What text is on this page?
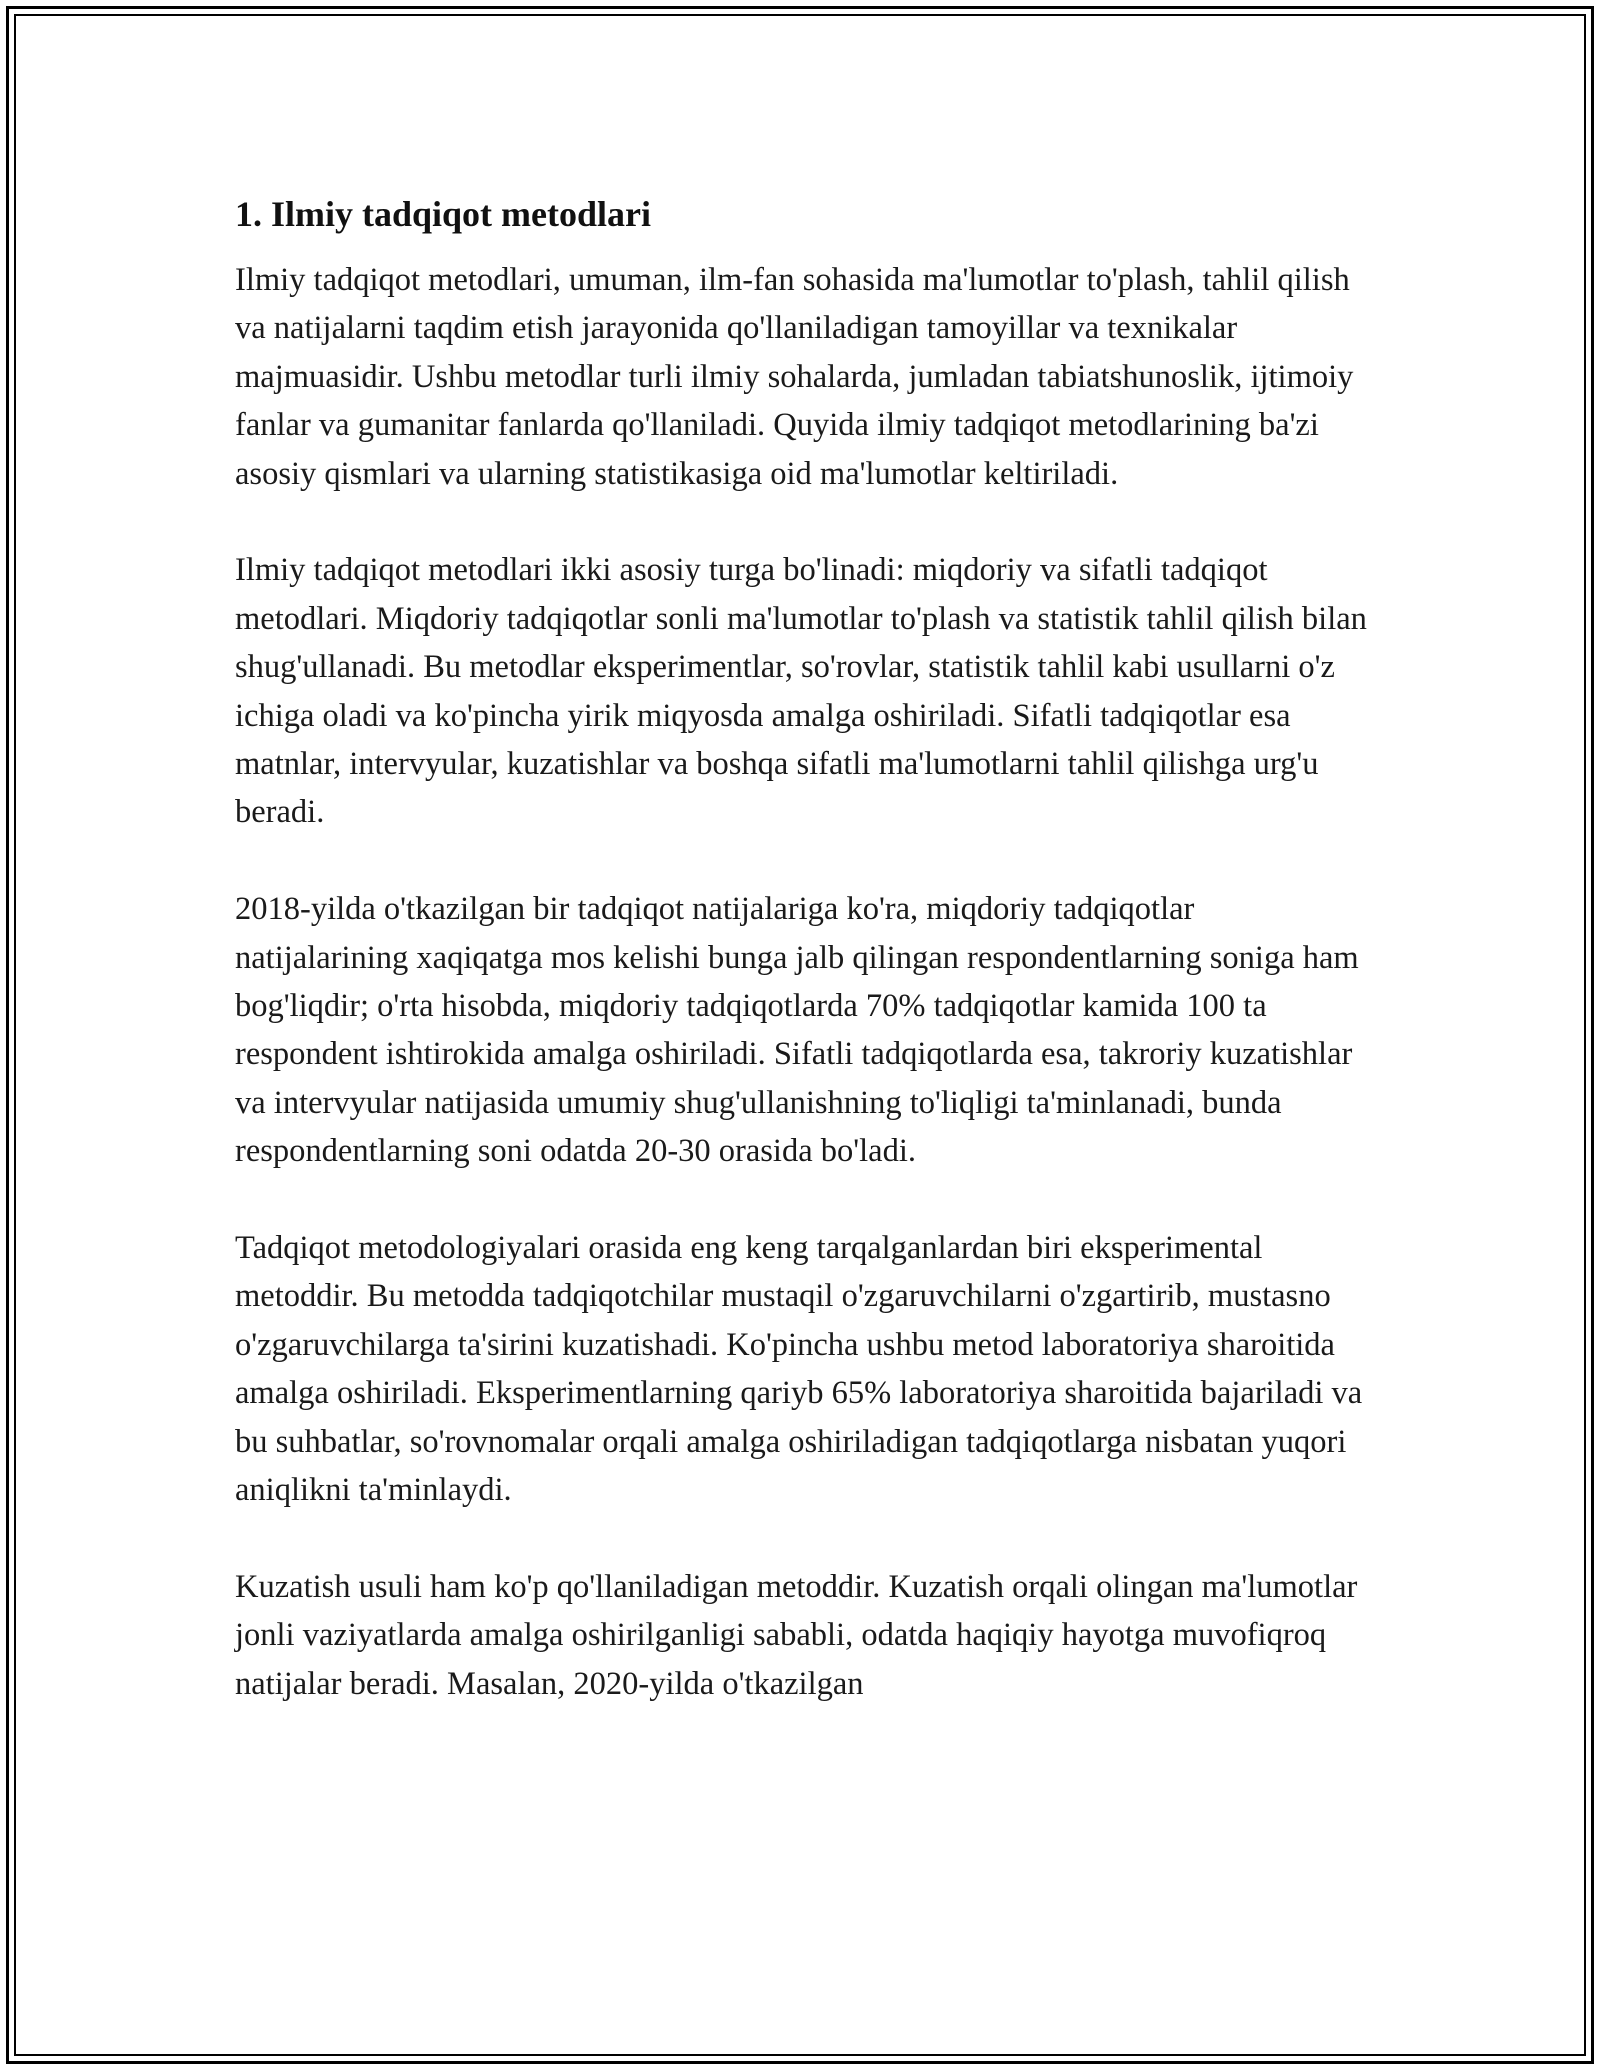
1. Ilmiy tadqiqot metodlari

Ilmiy tadqiqot metodlari, umuman, ilm-fan sohasida ma'lumotlar to'plash, tahlil qilish va natijalarni taqdim etish jarayonida qo'llaniladigan tamoyillar va texnikalar majmuasidir. Ushbu metodlar turli ilmiy sohalarda, jumladan tabiatshunoslik, ijtimoiy fanlar va gumanitar fanlarda qo'llaniladi. Quyida ilmiy tadqiqot metodlarining ba'zi asosiy qismlari va ularning statistikasiga oid ma'lumotlar keltiriladi.

Ilmiy tadqiqot metodlari ikki asosiy turga bo'linadi: miqdoriy va sifatli tadqiqot metodlari. Miqdoriy tadqiqotlar sonli ma'lumotlar to'plash va statistik tahlil qilish bilan shug'ullanadi. Bu metodlar eksperimentlar, so'rovlar, statistik tahlil kabi usullarni o'z ichiga oladi va ko'pincha yirik miqyosda amalga oshiriladi. Sifatli tadqiqotlar esa matnlar, intervyular, kuzatishlar va boshqa sifatli ma'lumotlarni tahlil qilishga urg'u beradi.

2018-yilda o'tkazilgan bir tadqiqot natijalariga ko'ra, miqdoriy tadqiqotlar natijalarining xaqiqatga mos kelishi bunga jalb qilingan respondentlarning soniga ham bog'liqdir; o'rta hisobda, miqdoriy tadqiqotlarda 70% tadqiqotlar kamida 100 ta respondent ishtirokida amalga oshiriladi. Sifatli tadqiqotlarda esa, takroriy kuzatishlar va intervyular natijasida umumiy shug'ullanishning to'liqligi ta'minlanadi, bunda respondentlarning soni odatda 20-30 orasida bo'ladi.

Tadqiqot metodologiyalari orasida eng keng tarqalganlardan biri eksperimental metoddir. Bu metodda tadqiqotchilar mustaqil o'zgaruvchilarni o'zgartirib, mustasno o'zgaruvchilarga ta'sirini kuzatishadi. Ko'pincha ushbu metod laboratoriya sharoitida amalga oshiriladi. Eksperimentlarning qariyb 65% laboratoriya sharoitida bajariladi va bu suhbatlar, so'rovnomalar orqali amalga oshiriladigan tadqiqotlarga nisbatan yuqori aniqlikni ta'minlaydi.

Kuzatish usuli ham ko'p qo'llaniladigan metoddir. Kuzatish orqali olingan ma'lumotlar jonli vaziyatlarda amalga oshirilganligi sababli, odatda haqiqiy hayotga muvofiqroq natijalar beradi. Masalan, 2020-yilda o'tkazilgan
